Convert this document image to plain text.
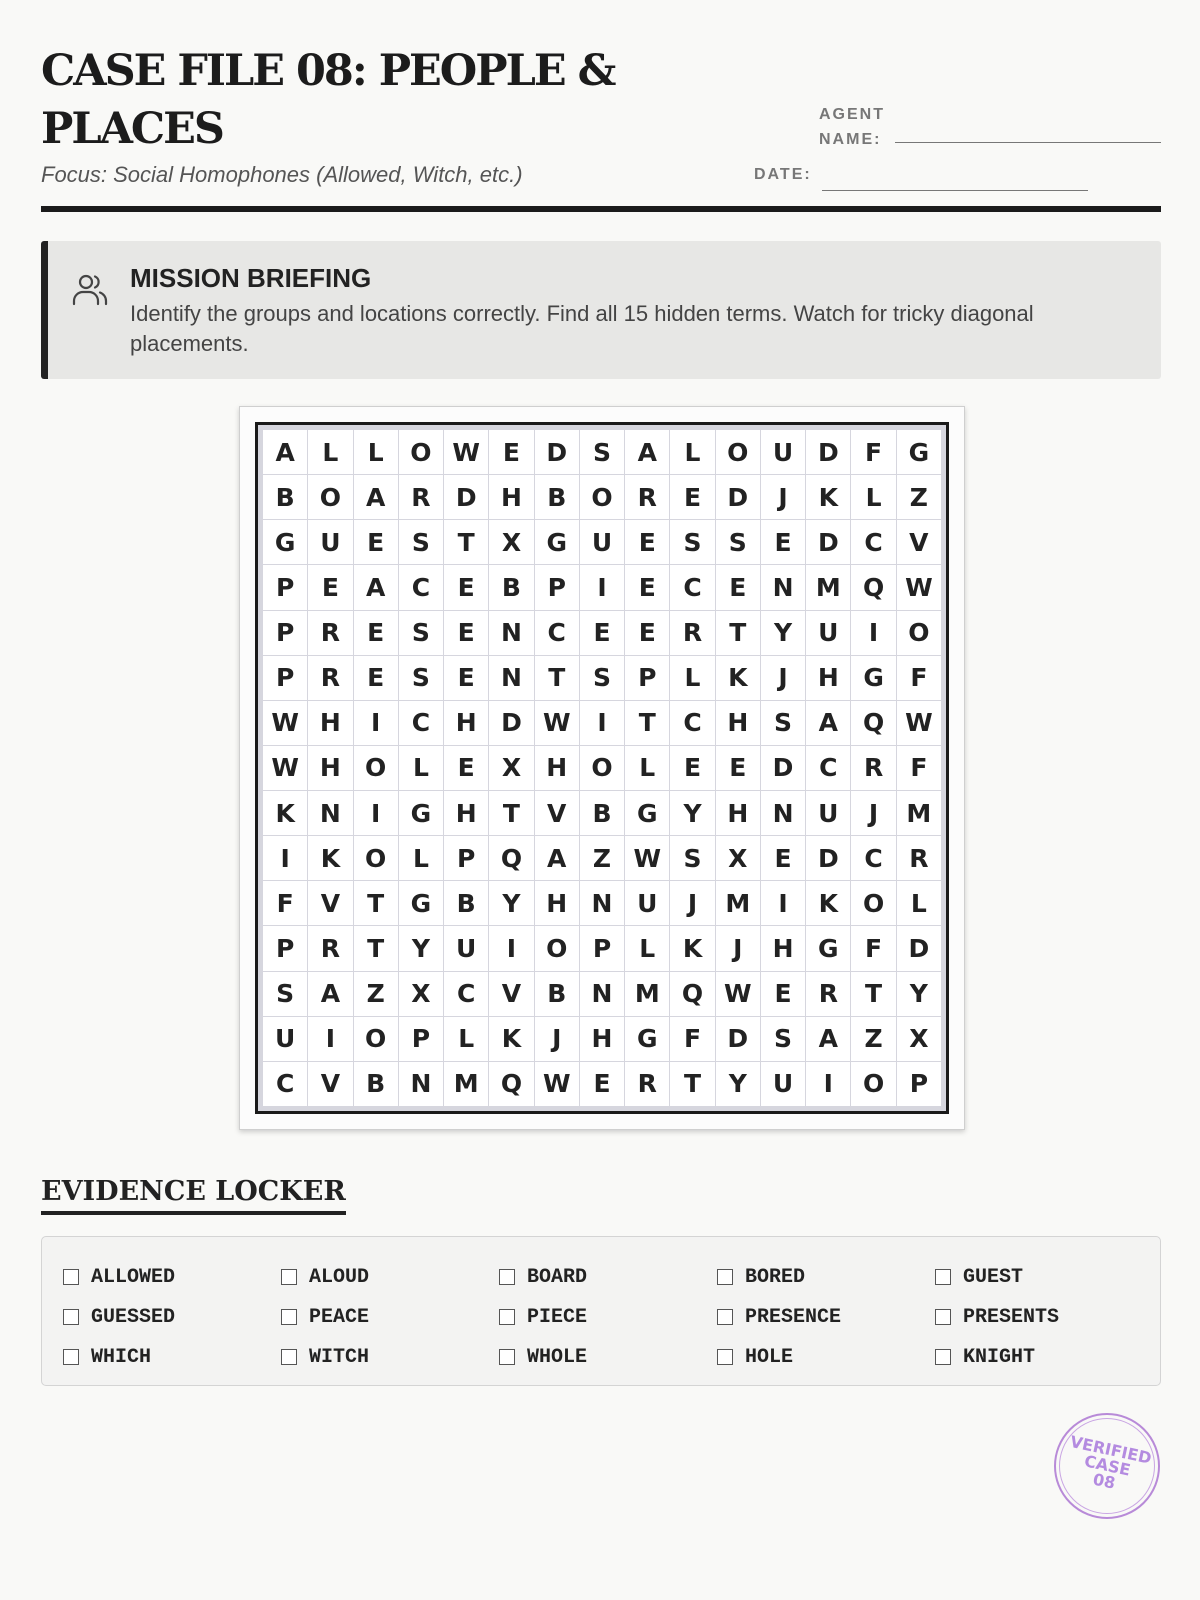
CASE FILE 08: PEOPLE & PLACES

Focus: Social Homophones (Allowed, Witch, etc.)

AGENT NAME:
DATE:
MISSION BRIEFING

Identify the groups and locations correctly. Find all 15 hidden terms. Watch for tricky diagonal placements.

A	L	L	O W E	D	S	A	L	O U D	F	G
B	O A	R	D H	B	O	R	E	D	J	K	L	Z
G U	E	S	T	X	G U	E	S	S	E	D	C	V
P	E	A	C	E	B	P	I	E	C	E	N M Q W
P	R	E	S	E	N	C	E	E	R	T	Y	U	I	O
P	R	E	S	E	N	T	S	P	L	K	J	H G	F
W H	I	C	H D W	I	T	C	H	S	A Q W
W H O	L	E	X	H O	L	E	E	D	C	R	F
K	N	I	G H	T	V	B	G	Y	H N U	J	M
I	K O	L	P	Q A	Z W S	X	E	D	C	R
F	V	T	G	B	Y	H N U	J	M	I	K O	L
P	R	T	Y	U	I	O	P	L	K	J	H G	F	D
S	A	Z	X	C	V	B	N M Q W E	R	T	Y
U	I	O	P	L	K	J	H G	F	D	S	A	Z	X
C	V	B	N M Q W E	R	T	Y	U	I	O	P
EVIDENCE LOCKER
ALLOWED	ALOUD	BOARD	BORED	GUEST
GUESSED	PEACE	PIECE	PRESENCE	PRESENTS
WHICH	WITCH	WHOLE	HOLE	KNIGHT
VERIFIED
CASE
08
